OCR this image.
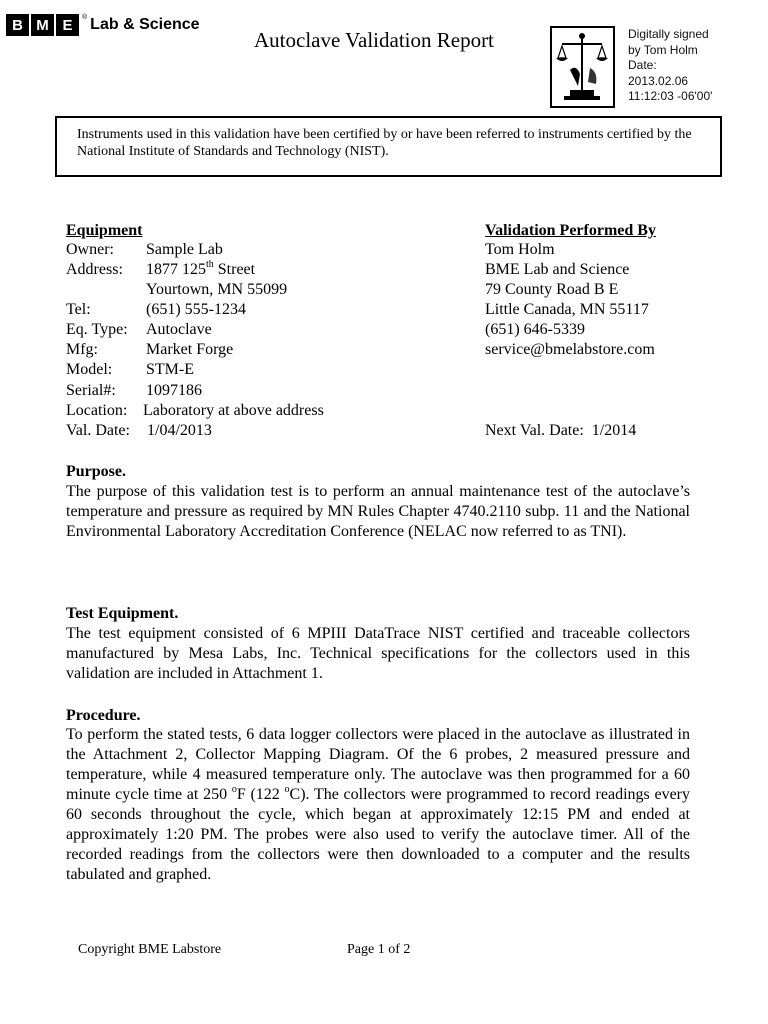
B M E	® Lab & Science
Autoclave Validation Report	Digitally signed
by Tom Holm
Date:
2013.02.06
11:12:03 -06'00'
Instruments used in this validation have been certified by or have been referred to instruments certified by the National Institute of Standards and Technology (NIST).
Equipment
Owner: Sample Lab
Address: 1877 125th Street
Yourtown, MN 55099
Tel:	(651) 555-1234
Eq. Type: Autoclave
Mfg:	Market Forge
Model: STM-E
Serial#: 1097186
Location: Laboratory at above address
Val. Date: 1/04/2013
Validation Performed By
Tom Holm
BME Lab and Science
79 County Road B E
Little Canada, MN 55117
(651) 646-5339
service@bmelabstore.com
Next Val. Date: 1/2014
Purpose.

The purpose of this validation test is to perform an annual maintenance test of the autoclave’s temperature and pressure as required by MN Rules Chapter 4740.2110 subp. 11 and the National Environmental Laboratory Accreditation Conference (NELAC now referred to as TNI).

Test Equipment.

The test equipment consisted of 6 MPIII DataTrace NIST certified and traceable collectors manufactured by Mesa Labs, Inc. Technical specifications for the collectors used in this validation are included in Attachment 1.

Procedure.

To perform the stated tests, 6 data logger collectors were placed in the autoclave as illustrated in the Attachment 2, Collector Mapping Diagram. Of the 6 probes, 2 measured pressure and temperature, while 4 measured temperature only. The autoclave was then programmed for a 60 minute cycle time at 250 $^o$F (122 $^o$C). The collectors were programmed to record readings every 60 seconds throughout the cycle, which began at approximately 12:15 PM and ended at approximately 1:20 PM. The probes were also used to verify the autoclave timer. All of the recorded readings from the collectors were then downloaded to a computer and the results tabulated and graphed.

Copyright BME Labstore	Page 1 of 2
